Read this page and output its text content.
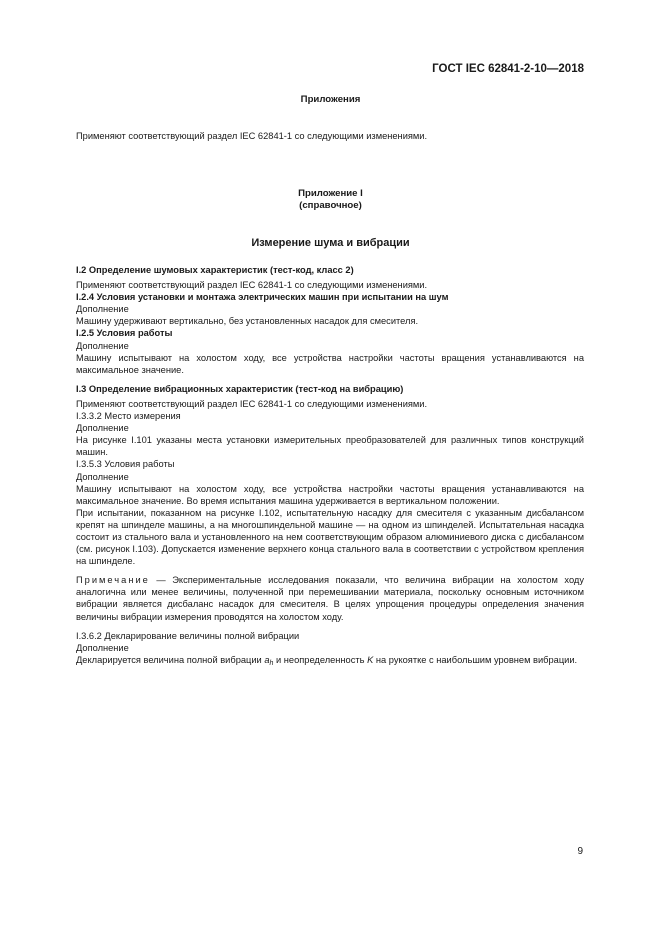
ГОСТ IEC 62841-2-10—2018
Приложения
Применяют соответствующий раздел IEC 62841-1 со следующими изменениями.
Приложение I
(справочное)
Измерение шума и вибрации

I.2 Определение шумовых характеристик (тест-код, класс 2)

Применяют соответствующий раздел IEC 62841-1 со следующими изменениями.

I.2.4 Условия установки и монтажа электрических машин при испытании на шум

Дополнение

Машину удерживают вертикально, без установленных насадок для смесителя.

I.2.5 Условия работы

Дополнение

Машину испытывают на холостом ходу, все устройства настройки частоты вращения устанавливаются на максимальное значение.

I.3 Определение вибрационных характеристик (тест-код на вибрацию)

Применяют соответствующий раздел IEC 62841-1 со следующими изменениями.

I.3.3.2 Место измерения

Дополнение

На рисунке I.101 указаны места установки измерительных преобразователей для различных типов конструкций машин.

I.3.5.3 Условия работы

Дополнение

Машину испытывают на холостом ходу, все устройства настройки частоты вращения устанавливаются на максимальное значение. Во время испытания машина удерживается в вертикальном положении.

При испытании, показанном на рисунке I.102, испытательную насадку для смесителя с указанным дисбалансом крепят на шпинделе машины, а на многошпиндельной машине — на одном из шпинделей. Испытательная насадка состоит из стального вала и установленного на нем соответствующим образом алюминиевого диска с дисбалансом (см. рисунок I.103). Допускается изменение верхнего конца стального вала в соответствии с устройством крепления на шпинделе.

Примечание — Экспериментальные исследования показали, что величина вибрации на холостом ходу аналогична или менее величины, полученной при перемешивании материала, поскольку основным источником вибрации является дисбаланс насадок для смесителя. В целях упрощения процедуры определения значения величины вибрации измерения проводятся на холостом ходу.

I.3.6.2 Декларирование величины полной вибрации

Дополнение

Декларируется величина полной вибрации $a_h$ и неопределенность K на рукоятке с наибольшим уровнем вибрации.

9
